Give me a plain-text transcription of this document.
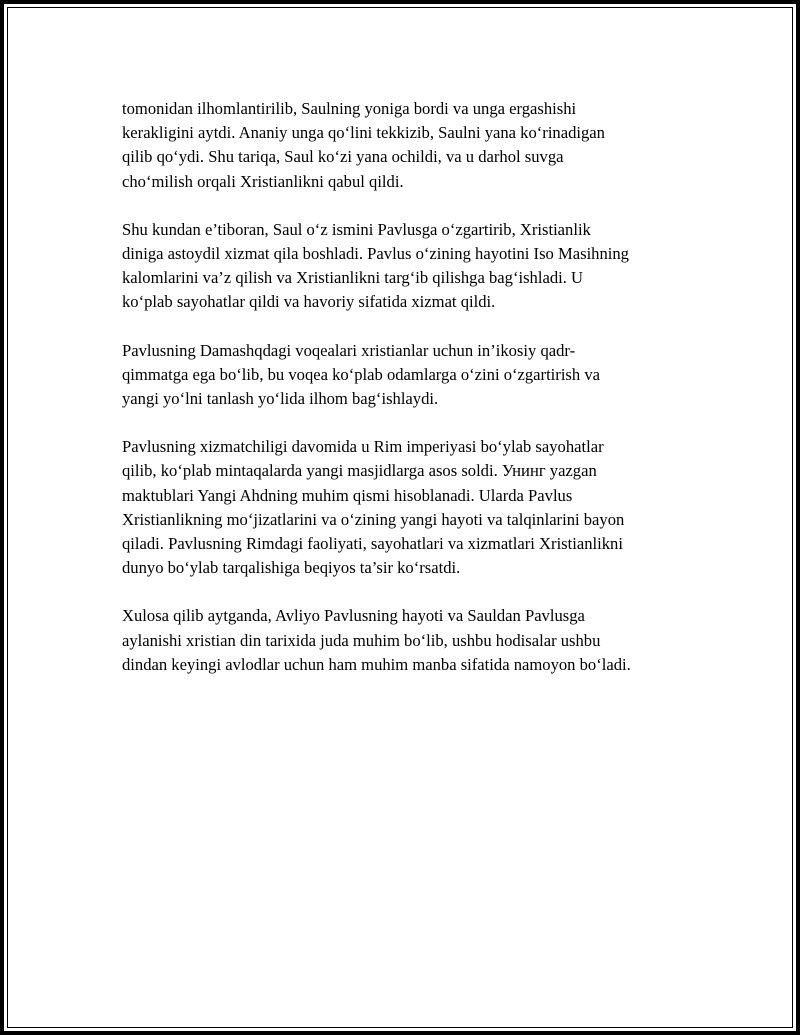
tomonidan ilhomlantirilib, Saulning yoniga bordi va unga ergashishi
kerakligini aytdi. Ananiy unga qo‘lini tekkizib, Saulni yana ko‘rinadigan
qilib qo‘ydi. Shu tariqa, Saul ko‘zi yana ochildi, va u darhol suvga
cho‘milish orqali Xristianlikni qabul qildi.

Shu kundan e’tiboran, Saul o‘z ismini Pavlusga o‘zgartirib, Xristianlik
diniga astoydil xizmat qila boshladi. Pavlus o‘zining hayotini Iso Masihning
kalomlarini va’z qilish va Xristianlikni targ‘ib qilishga bag‘ishladi. U
ko‘plab sayohatlar qildi va havoriy sifatida xizmat qildi.

Pavlusning Damashqdagi voqealari xristianlar uchun in’ikosiy qadr-
qimmatga ega bo‘lib, bu voqea ko‘plab odamlarga o‘zini o‘zgartirish va
yangi yo‘lni tanlash yo‘lida ilhom bag‘ishlaydi.

Pavlusning xizmatchiligi davomida u Rim imperiyasi bo‘ylab sayohatlar
qilib, ko‘plab mintaqalarda yangi masjidlarga asos soldi. Унинг yazgan
maktublari Yangi Ahdning muhim qismi hisoblanadi. Ularda Pavlus
Xristianlikning mo‘jizatlarini va o‘zining yangi hayoti va talqinlarini bayon
qiladi. Pavlusning Rimdagi faoliyati, sayohatlari va xizmatlari Xristianlikni
dunyo bo‘ylab tarqalishiga beqiyos ta’sir ko‘rsatdi.

Xulosa qilib aytganda, Avliyo Pavlusning hayoti va Sauldan Pavlusga
aylanishi xristian din tarixida juda muhim bo‘lib, ushbu hodisalar ushbu
dindan keyingi avlodlar uchun ham muhim manba sifatida namoyon bo‘ladi.
